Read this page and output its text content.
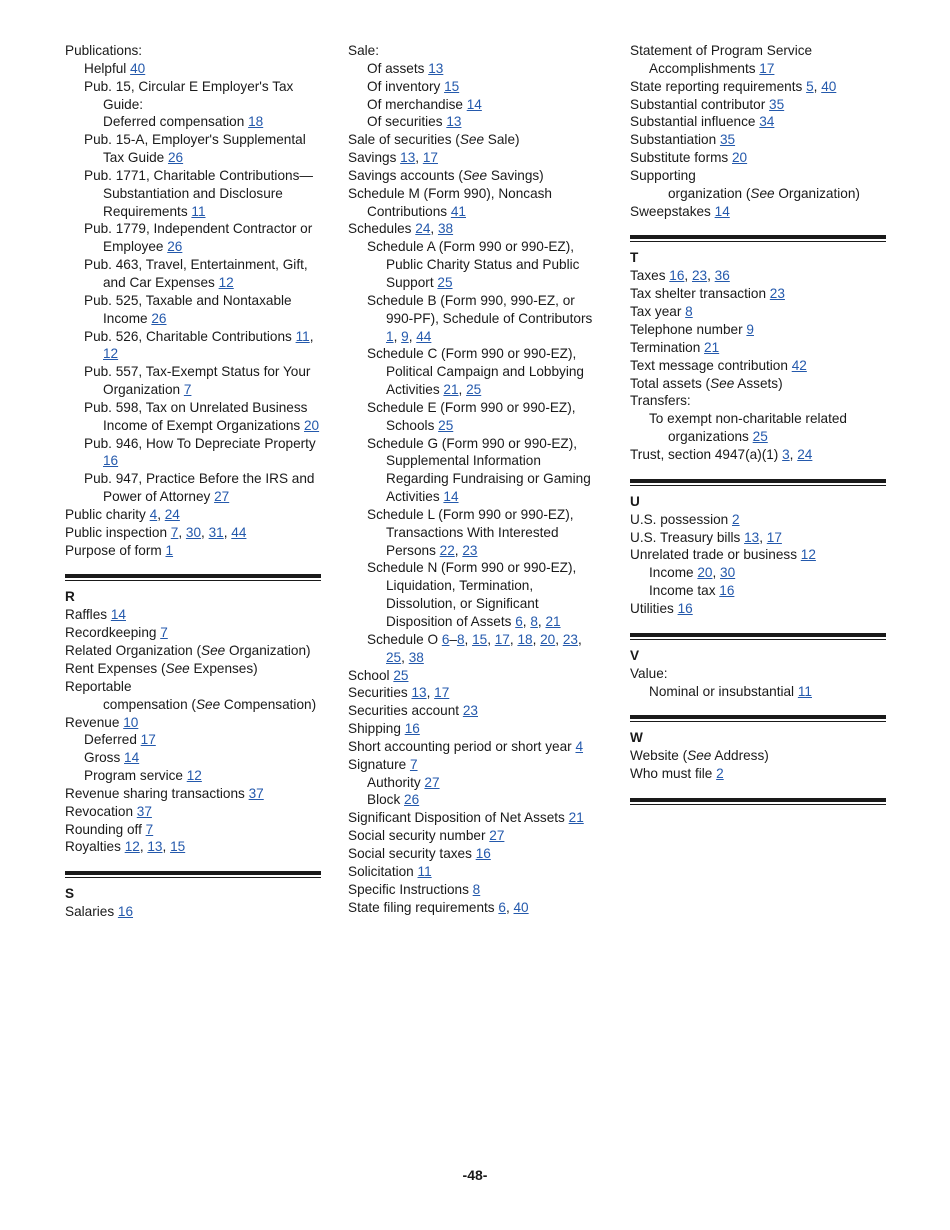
Publications:
Helpful 40
Pub. 15, Circular E Employer's Tax Guide:
Deferred compensation 18
Pub. 15-A, Employer's Supplemental Tax Guide 26
Pub. 1771, Charitable Contributions—Substantiation and Disclosure Requirements 11
Pub. 1779, Independent Contractor or Employee 26
Pub. 463, Travel, Entertainment, Gift, and Car Expenses 12
Pub. 525, Taxable and Nontaxable Income 26
Pub. 526, Charitable Contributions 11, 12
Pub. 557, Tax-Exempt Status for Your Organization 7
Pub. 598, Tax on Unrelated Business Income of Exempt Organizations 20
Pub. 946, How To Depreciate Property 16
Pub. 947, Practice Before the IRS and Power of Attorney 27
Public charity 4, 24
Public inspection 7, 30, 31, 44
Purpose of form 1
R
Raffles 14
Recordkeeping 7
Related Organization (See Organization)
Rent Expenses (See Expenses)
Reportable
compensation (See Compensation)
Revenue 10
Deferred 17
Gross 14
Program service 12
Revenue sharing transactions 37
Revocation 37
Rounding off 7
Royalties 12, 13, 15
S
Salaries 16
Sale:
Of assets 13
Of inventory 15
Of merchandise 14
Of securities 13
Sale of securities (See Sale)
Savings 13, 17
Savings accounts (See Savings)
Schedule M (Form 990), Noncash Contributions 41
Schedules 24, 38
Schedule A (Form 990 or 990-EZ), Public Charity Status and Public Support 25
Schedule B (Form 990, 990-EZ, or 990-PF), Schedule of Contributors 1, 9, 44
Schedule C (Form 990 or 990-EZ), Political Campaign and Lobbying Activities 21, 25
Schedule E (Form 990 or 990-EZ), Schools 25
Schedule G (Form 990 or 990-EZ), Supplemental Information Regarding Fundraising or Gaming Activities 14
Schedule L (Form 990 or 990-EZ), Transactions With Interested Persons 22, 23
Schedule N (Form 990 or 990-EZ), Liquidation, Termination, Dissolution, or Significant Disposition of Assets 6, 8, 21
Schedule O 6–8, 15, 17, 18, 20, 23, 25, 38
School 25
Securities 13, 17
Securities account 23
Shipping 16
Short accounting period or short year 4
Signature 7
Authority 27
Block 26
Significant Disposition of Net Assets 21
Social security number 27
Social security taxes 16
Solicitation 11
Specific Instructions 8
State filing requirements 6, 40
Statement of Program Service Accomplishments 17
State reporting requirements 5, 40
Substantial contributor 35
Substantial influence 34
Substantiation 35
Substitute forms 20
Supporting
organization (See Organization)
Sweepstakes 14
T
Taxes 16, 23, 36
Tax shelter transaction 23
Tax year 8
Telephone number 9
Termination 21
Text message contribution 42
Total assets (See Assets)
Transfers:
To exempt non-charitable related organizations 25
Trust, section 4947(a)(1) 3, 24
U
U.S. possession 2
U.S. Treasury bills 13, 17
Unrelated trade or business 12
Income 20, 30
Income tax 16
Utilities 16
V
Value:
Nominal or insubstantial 11
W
Website (See Address)
Who must file 2
-48-
